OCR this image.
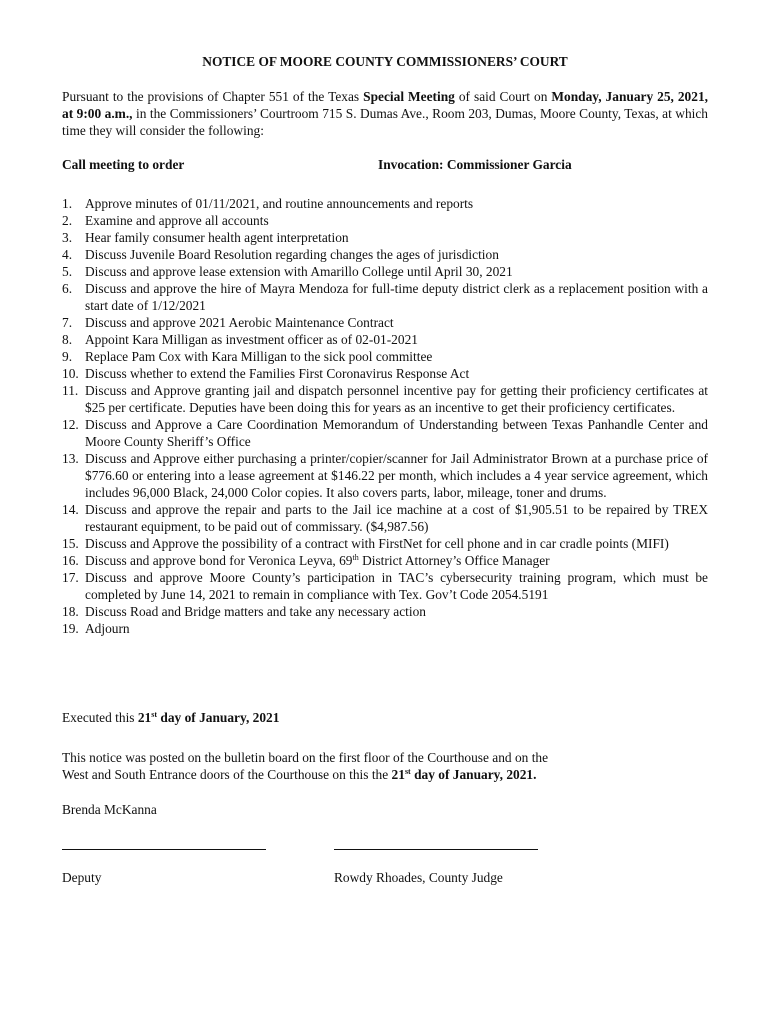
NOTICE OF MOORE COUNTY COMMISSIONERS’ COURT
Pursuant to the provisions of Chapter 551 of the Texas Special Meeting of said Court on Monday, January 25, 2021, at 9:00 a.m., in the Commissioners’ Courtroom 715 S. Dumas Ave., Room 203, Dumas, Moore County, Texas, at which time they will consider the following:
Call meeting to order	Invocation: Commissioner Garcia
1. Approve minutes of 01/11/2021, and routine announcements and reports
2. Examine and approve all accounts
3. Hear family consumer health agent interpretation
4. Discuss Juvenile Board Resolution regarding changes the ages of jurisdiction
5. Discuss and approve lease extension with Amarillo College until April 30, 2021
6. Discuss and approve the hire of Mayra Mendoza for full-time deputy district clerk as a replacement position with a start date of 1/12/2021
7. Discuss and approve 2021 Aerobic Maintenance Contract
8. Appoint Kara Milligan as investment officer as of 02-01-2021
9. Replace Pam Cox with Kara Milligan to the sick pool committee
10. Discuss whether to extend the Families First Coronavirus Response Act
11. Discuss and Approve granting jail and dispatch personnel incentive pay for getting their proficiency certificates at $25 per certificate. Deputies have been doing this for years as an incentive to get their proficiency certificates.
12. Discuss and Approve a Care Coordination Memorandum of Understanding between Texas Panhandle Center and Moore County Sheriff’s Office
13. Discuss and Approve either purchasing a printer/copier/scanner for Jail Administrator Brown at a purchase price of $776.60 or entering into a lease agreement at $146.22 per month, which includes a 4 year service agreement, which includes 96,000 Black, 24,000 Color copies. It also covers parts, labor, mileage, toner and drums.
14. Discuss and approve the repair and parts to the Jail ice machine at a cost of $1,905.51 to be repaired by TREX restaurant equipment, to be paid out of commissary. ($4,987.56)
15. Discuss and Approve the possibility of a contract with FirstNet for cell phone and in car cradle points (MIFI)
16. Discuss and approve bond for Veronica Leyva, 69th District Attorney’s Office Manager
17. Discuss and approve Moore County’s participation in TAC’s cybersecurity training program, which must be completed by June 14, 2021 to remain in compliance with Tex. Gov’t Code 2054.5191
18. Discuss Road and Bridge matters and take any necessary action
19. Adjourn
Executed this 21st day of January, 2021
This notice was posted on the bulletin board on the first floor of the Courthouse and on the
West and South Entrance doors of the Courthouse on this the 21st day of January, 2021.
Brenda McKanna
Deputy	Rowdy Rhoades, County Judge
